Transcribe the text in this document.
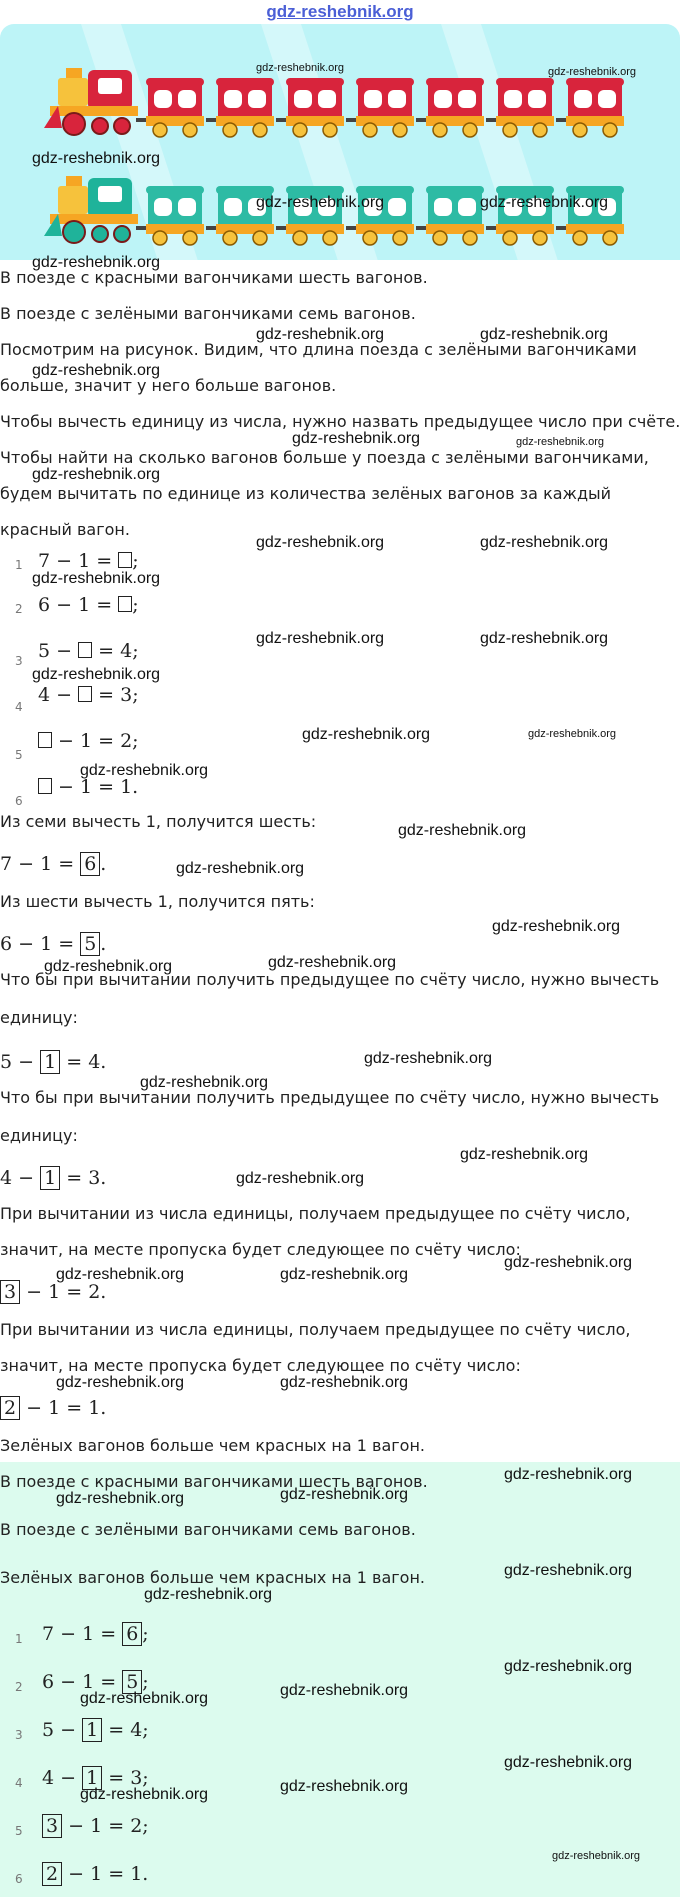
gdz-reshebnik.org
В поезде с красными вагончиками шесть вагонов.
В поезде с зелёными вагончиками семь вагонов.
Посмотрим на рисунок. Видим, что длина поезда с зелёными вагончиками
больше, значит у него больше вагонов.
Чтобы вычесть единицу из числа, нужно назвать предыдущее число при счёте.
Чтобы найти на сколько вагонов больше у поезда с зелёными вагончиками,
будем вычитать по единице из количества зелёных вагонов за каждый
красный вагон.
1 7 − 1 = ;
2 6 − 1 = ;
3 5 − = 4;
4
4 − = 3;
5
− 1 = 2;
6
− 1 = 1.
Из семи вычесть 1, получится шесть:
7 − 1 = 6 .
Из шести вычесть 1, получится пять:
6 − 1 = 5 .
Что бы при вычитании получить предыдущее по счёту число, нужно вычесть
единицу:
5 − 1 = 4.
Что бы при вычитании получить предыдущее по счёту число, нужно вычесть
единицу:
4 − 1 = 3.
При вычитании из числа единицы, получаем предыдущее по счёту число,
значит, на месте пропуска будет следующее по счёту число:
3 − 1 = 2.
При вычитании из числа единицы, получаем предыдущее по счёту число,
значит, на месте пропуска будет следующее по счёту число:
2 − 1 = 1.
Зелёных вагонов больше чем красных на 1 вагон.
В поезде с красными вагончиками шесть вагонов.
В поезде с зелёными вагончиками семь вагонов.
Зелёных вагонов больше чем красных на 1 вагон.
1 7 − 1 = 6 ;
2 6 − 1 = 5 ;
3 5 − 1 = 4;
4 4 − 1 = 3;
5 3 − 1 = 2;
6 2 − 1 = 1.
gdz-reshebnik.org	gdz-reshebnik.org
gdz-reshebnik.org
gdz-reshebnik.org	gdz-reshebnik.org
gdz-reshebnik.org
gdz-reshebnik.org	gdz-reshebnik.org
gdz-reshebnik.org
gdz-reshebnik.org	gdz-reshebnik.org
gdz-reshebnik.org
gdz-reshebnik.org	gdz-reshebnik.org
gdz-reshebnik.org
gdz-reshebnik.org	gdz-reshebnik.org
gdz-reshebnik.org
gdz-reshebnik.org	gdz-reshebnik.org
gdz-reshebnik.org
gdz-reshebnik.org
gdz-reshebnik.org
gdz-reshebnik.org
gdz-reshebnik.org	gdz-reshebnik.org
gdz-reshebnik.org
gdz-reshebnik.org
gdz-reshebnik.org
gdz-reshebnik.org
gdz-reshebnik.org
gdz-reshebnik.org	gdz-reshebnik.org
gdz-reshebnik.org	gdz-reshebnik.org
gdz-reshebnik.org
gdz-reshebnik.org	gdz-reshebnik.org
gdz-reshebnik.org
gdz-reshebnik.org
gdz-reshebnik.org
gdz-reshebnik.org	gdz-reshebnik.org
gdz-reshebnik.org
gdz-reshebnik.org	gdz-reshebnik.org
gdz-reshebnik.org
